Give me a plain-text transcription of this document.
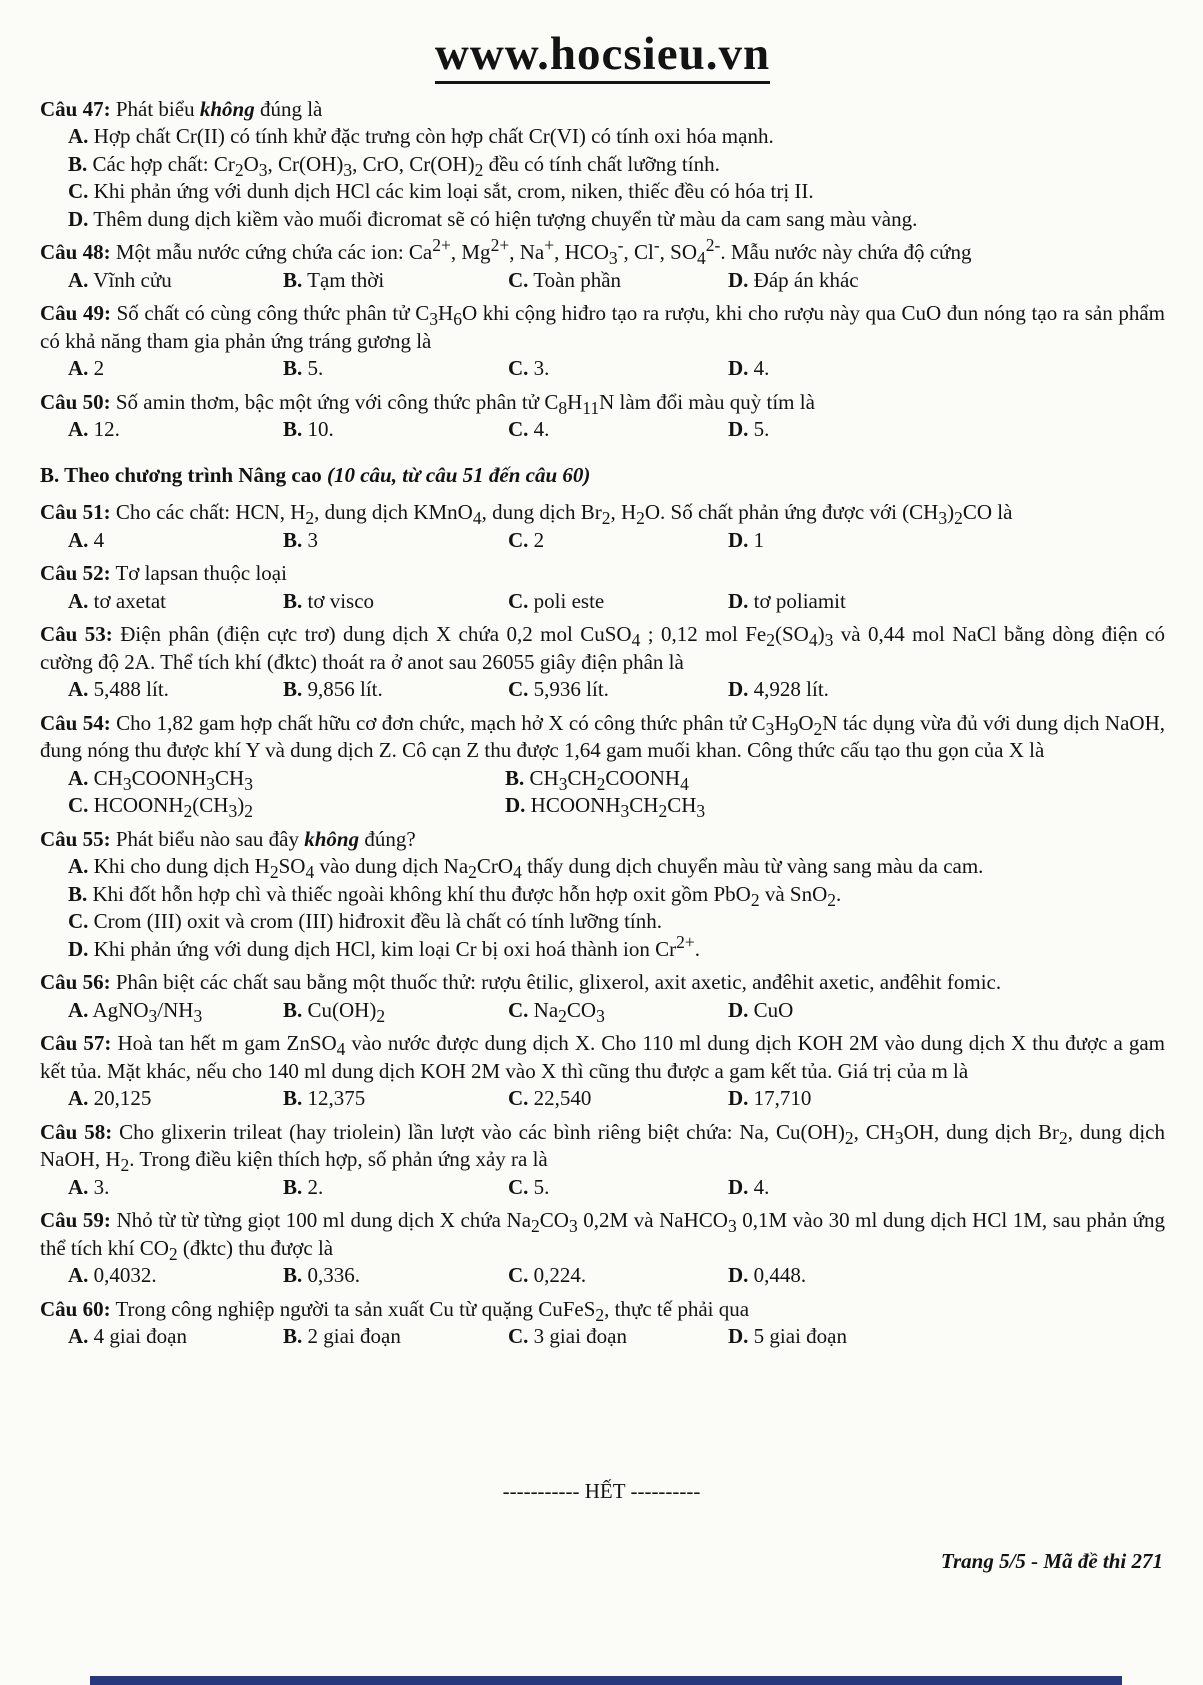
www.hocsieu.vn

Câu 47: Phát biểu không đúng là

A. Hợp chất Cr(II) có tính khử đặc trưng còn hợp chất Cr(VI) có tính oxi hóa mạnh.

B. Các hợp chất: $Cr_2O_3$, $Cr(OH)_3$, CrO, $Cr(OH)_2$ đều có tính chất lưỡng tính.

C. Khi phản ứng với dunh dịch HCl các kim loại sắt, crom, niken, thiếc đều có hóa trị II.

D. Thêm dung dịch kiềm vào muối đicromat sẽ có hiện tượng chuyển từ màu da cam sang màu vàng.

Câu 48: Một mẫu nước cứng chứa các ion: $Ca^{2+}$, $Mg^{2+}$, Na+, $HCO_3^-$, Cl-, $SO_4^{2-}$. Mẫu nước này chứa độ cứng

A. Vĩnh cửu	B. Tạm thời	C. Toàn phần	D. Đáp án khác

Câu 49: Số chất có cùng công thức phân tử $C_3H_6O$ khi cộng hiđro tạo ra rượu, khi cho rượu này qua CuO đun nóng tạo ra sản phẩm có khả năng tham gia phản ứng tráng gương là

A. 2	B. 5.	C. 3.	D. 4.

Câu 50: Số amin thơm, bậc một ứng với công thức phân tử $C_8H_{11}N$ làm đổi màu quỳ tím là

A. 12.	B. 10.	C. 4.	D. 5.

B. Theo chương trình Nâng cao (10 câu, từ câu 51 đến câu 60)

Câu 51: Cho các chất: HCN, $H_2$, dung dịch KMnO$_4$, dung dịch $Br_2$, $H_2O$. Số chất phản ứng được với $(CH_3)_2CO$ là

A. 4	B. 3	C. 2	D. 1

Câu 52: Tơ lapsan thuộc loại

A. tơ axetat	B. tơ visco	C. poli este	D. tơ poliamit

Câu 53: Điện phân (điện cực trơ) dung dịch X chứa 0,2 mol CuSO$_4$ ; 0,12 mol $Fe_2(SO_4)_3$ và 0,44 mol NaCl bằng dòng điện có cường độ 2A. Thể tích khí (đktc) thoát ra ở anot sau 26055 giây điện phân là

A. 5,488 lít.	B. 9,856 lít.	C. 5,936 lít.	D. 4,928 lít.

Câu 54: Cho 1,82 gam hợp chất hữu cơ đơn chức, mạch hở X có công thức phân tử $C_3H_9O_2N$ tác dụng vừa đủ với dung dịch NaOH, đung nóng thu được khí Y và dung dịch Z. Cô cạn Z thu được 1,64 gam muối khan. Công thức cấu tạo thu gọn của X là

A. $CH_3COONH_3CH_3$	B. $CH_3CH_2COONH_4$

C. $HCOONH_2(CH_3)_2$	D. $HCOONH_3CH_2CH_3$

Câu 55: Phát biểu nào sau đây không đúng?

A. Khi cho dung dịch $H_2SO_4$ vào dung dịch $Na_2CrO_4$ thấy dung dịch chuyển màu từ vàng sang màu da cam.

B. Khi đốt hỗn hợp chì và thiếc ngoài không khí thu được hỗn hợp oxit gồm PbO$_2$ và SnO$_2$.

C. Crom (III) oxit và crom (III) hiđroxit đều là chất có tính lưỡng tính.

D. Khi phản ứng với dung dịch HCl, kim loại Cr bị oxi hoá thành ion $Cr^{2+}$.

Câu 56: Phân biệt các chất sau bằng một thuốc thử: rượu êtilic, glixerol, axit axetic, anđêhit axetic, anđêhit fomic.

A. $AgNO_3/NH_3$	B. $Cu(OH)_2$	C. $Na_2CO_3$	D. CuO

Câu 57: Hoà tan hết m gam ZnSO$_4$ vào nước được dung dịch X. Cho 110 ml dung dịch KOH 2M vào dung dịch X thu được a gam kết tủa. Mặt khác, nếu cho 140 ml dung dịch KOH 2M vào X thì cũng thu được a gam kết tủa. Giá trị của m là

A. 20,125	B. 12,375	C. 22,540	D. 17,710

Câu 58: Cho glixerin trileat (hay triolein) lần lượt vào các bình riêng biệt chứa: Na, $Cu(OH)_2$, $CH_3OH$, dung dịch $Br_2$, dung dịch NaOH, $H_2$. Trong điều kiện thích hợp, số phản ứng xảy ra là

A. 3.	B. 2.	C. 5.	D. 4.

Câu 59: Nhỏ từ từ từng giọt 100 ml dung dịch X chứa $Na_2CO_3$ 0,2M và NaHCO$_3$ 0,1M vào 30 ml dung dịch HCl 1M, sau phản ứng thể tích khí $CO_2$ (đktc) thu được là

A. 0,4032.	B. 0,336.	C. 0,224.	D. 0,448.

Câu 60: Trong công nghiệp người ta sản xuất Cu từ quặng CuFeS$_2$, thực tế phải qua

A. 4 giai đoạn	B. 2 giai đoạn	C. 3 giai đoạn	D. 5 giai đoạn

----------- HẾT ----------

Trang 5/5 - Mã đề thi 271
